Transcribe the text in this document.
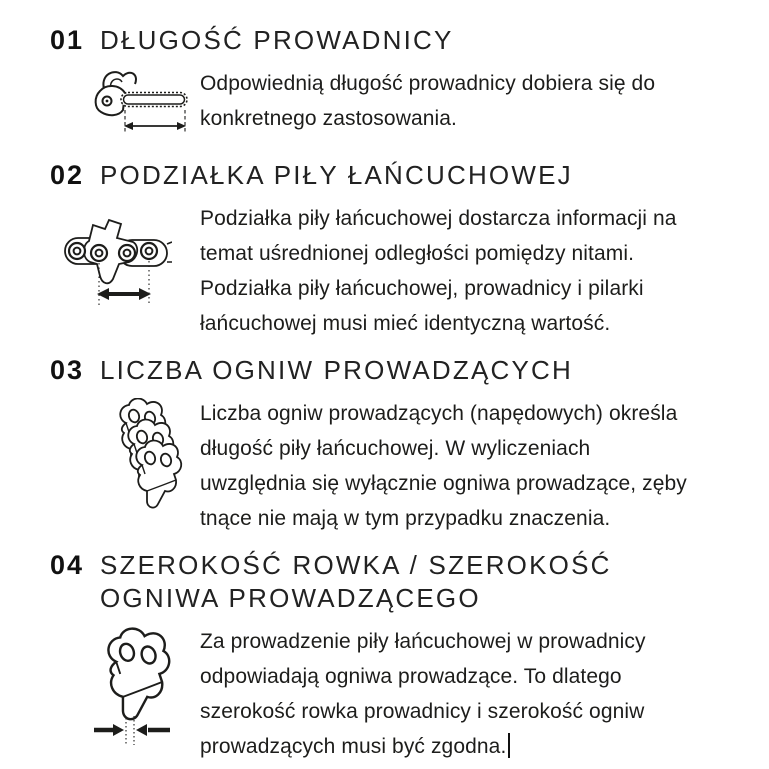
01 DŁUGOŚĆ PROWADNICY
Odpowiednią długość prowadnicy dobiera się do
konkretnego zastosowania.
02 PODZIAŁKA PIŁY ŁAŃCUCHOWEJ
Podziałka piły łańcuchowej dostarcza informacji na
temat uśrednionej odległości pomiędzy nitami.
Podziałka piły łańcuchowej, prowadnicy i pilarki
łańcuchowej musi mieć identyczną wartość.
03 LICZBA OGNIW PROWADZĄCYCH
Liczba ogniw prowadzących (napędowych) określa
długość piły łańcuchowej. W wyliczeniach
uwzględnia się wyłącznie ogniwa prowadzące, zęby
tnące nie mają w tym przypadku znaczenia.
04 SZEROKOŚĆ ROWKA / SZEROKOŚĆ OGNIWA PROWADZĄCEGO
Za prowadzenie piły łańcuchowej w prowadnicy
odpowiadają ogniwa prowadzące. To dlatego
szerokość rowka prowadnicy i szerokość ogniw
prowadzących musi być zgodna.
